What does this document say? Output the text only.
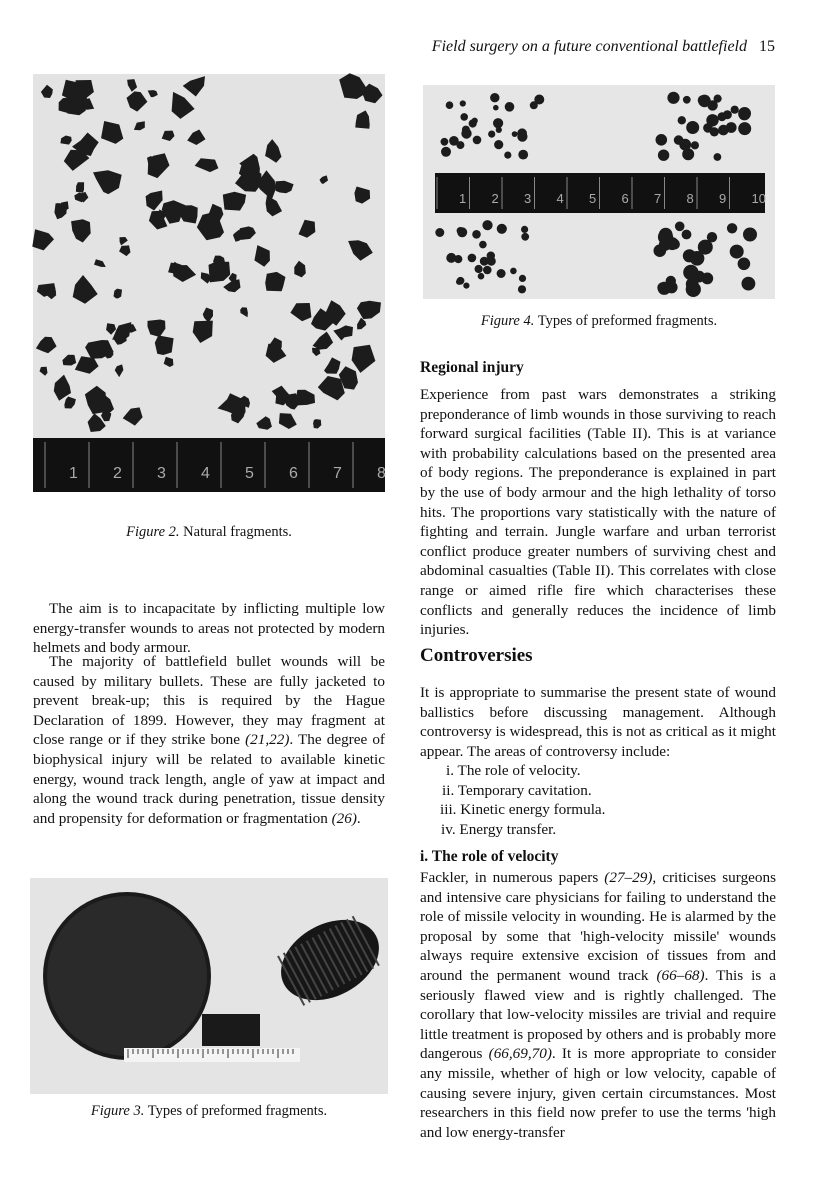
Field surgery on a future conventional battlefield 15
1 2 3 4 5 6 7 8
Figure 2. Natural fragments.
1 2 3 4 5 6 7 8 9 10
Figure 4. Types of preformed fragments.
Figure 3. Types of preformed fragments.

The aim is to incapacitate by inflicting multiple low energy-transfer wounds to areas not protected by modern helmets and body armour.

The majority of battlefield bullet wounds will be caused by military bullets. These are fully jacketed to prevent break-up; this is required by the Hague Declaration of 1899. However, they may fragment at close range or if they strike bone (21,22). The degree of biophysical injury will be related to available kinetic energy, wound track length, angle of yaw at impact and along the wound track during penetration, tissue density and propensity for deformation or fragmentation (26).

Regional injury

Experience from past wars demonstrates a striking preponderance of limb wounds in those surviving to reach forward surgical facilities (Table II). This is at variance with probability calculations based on the presented area of body regions. The preponderance is explained in part by the use of body armour and the high lethality of torso hits. The proportions vary statistically with the nature of fighting and terrain. Jungle warfare and urban terrorist conflict produce greater numbers of surviving chest and abdominal casualties (Table II). This correlates with close range or aimed rifle fire which characterises these conflicts and generally reduces the incidence of limb injuries.

Controversies

It is appropriate to summarise the present state of wound ballistics before discussing management. Although controversy is widespread, this is not as critical as it might appear. The areas of controversy include:

i. The role of velocity.
ii. Temporary cavitation.
iii. Kinetic energy formula.
iv. Energy transfer.
i. The role of velocity

Fackler, in numerous papers (27–29), criticises surgeons and intensive care physicians for failing to understand the role of missile velocity in wounding. He is alarmed by the proposal by some that 'high-velocity missile' wounds always require extensive excision of tissues from and around the permanent wound track (66–68). This is a seriously flawed view and is rightly challenged. The corollary that low-velocity missiles are trivial and require little treatment is proposed by others and is probably more dangerous (66,69,70). It is more appropriate to consider any missile, whether of high or low velocity, capable of causing severe injury, given certain circumstances. Most researchers in this field now prefer to use the terms 'high and low energy-transfer
